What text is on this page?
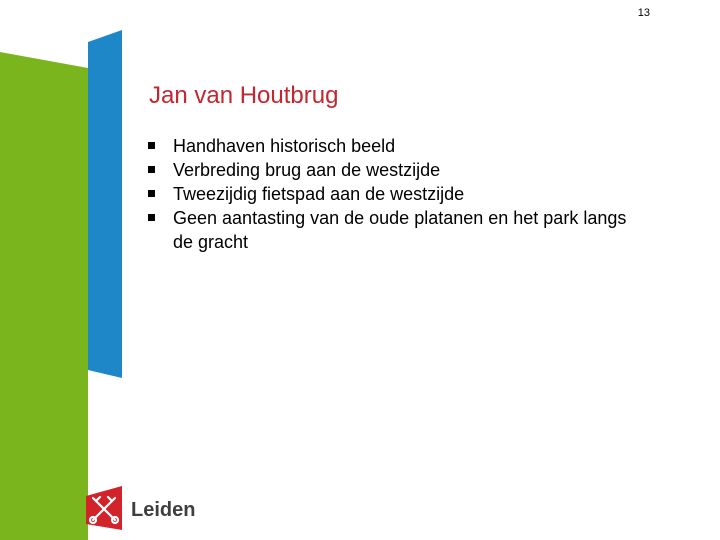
13
Jan van Houtbrug
Handhaven historisch beeld
Verbreding brug aan de westzijde
Tweezijdig fietspad aan de westzijde
Geen aantasting van de oude platanen en het park langs de gracht
Leiden
